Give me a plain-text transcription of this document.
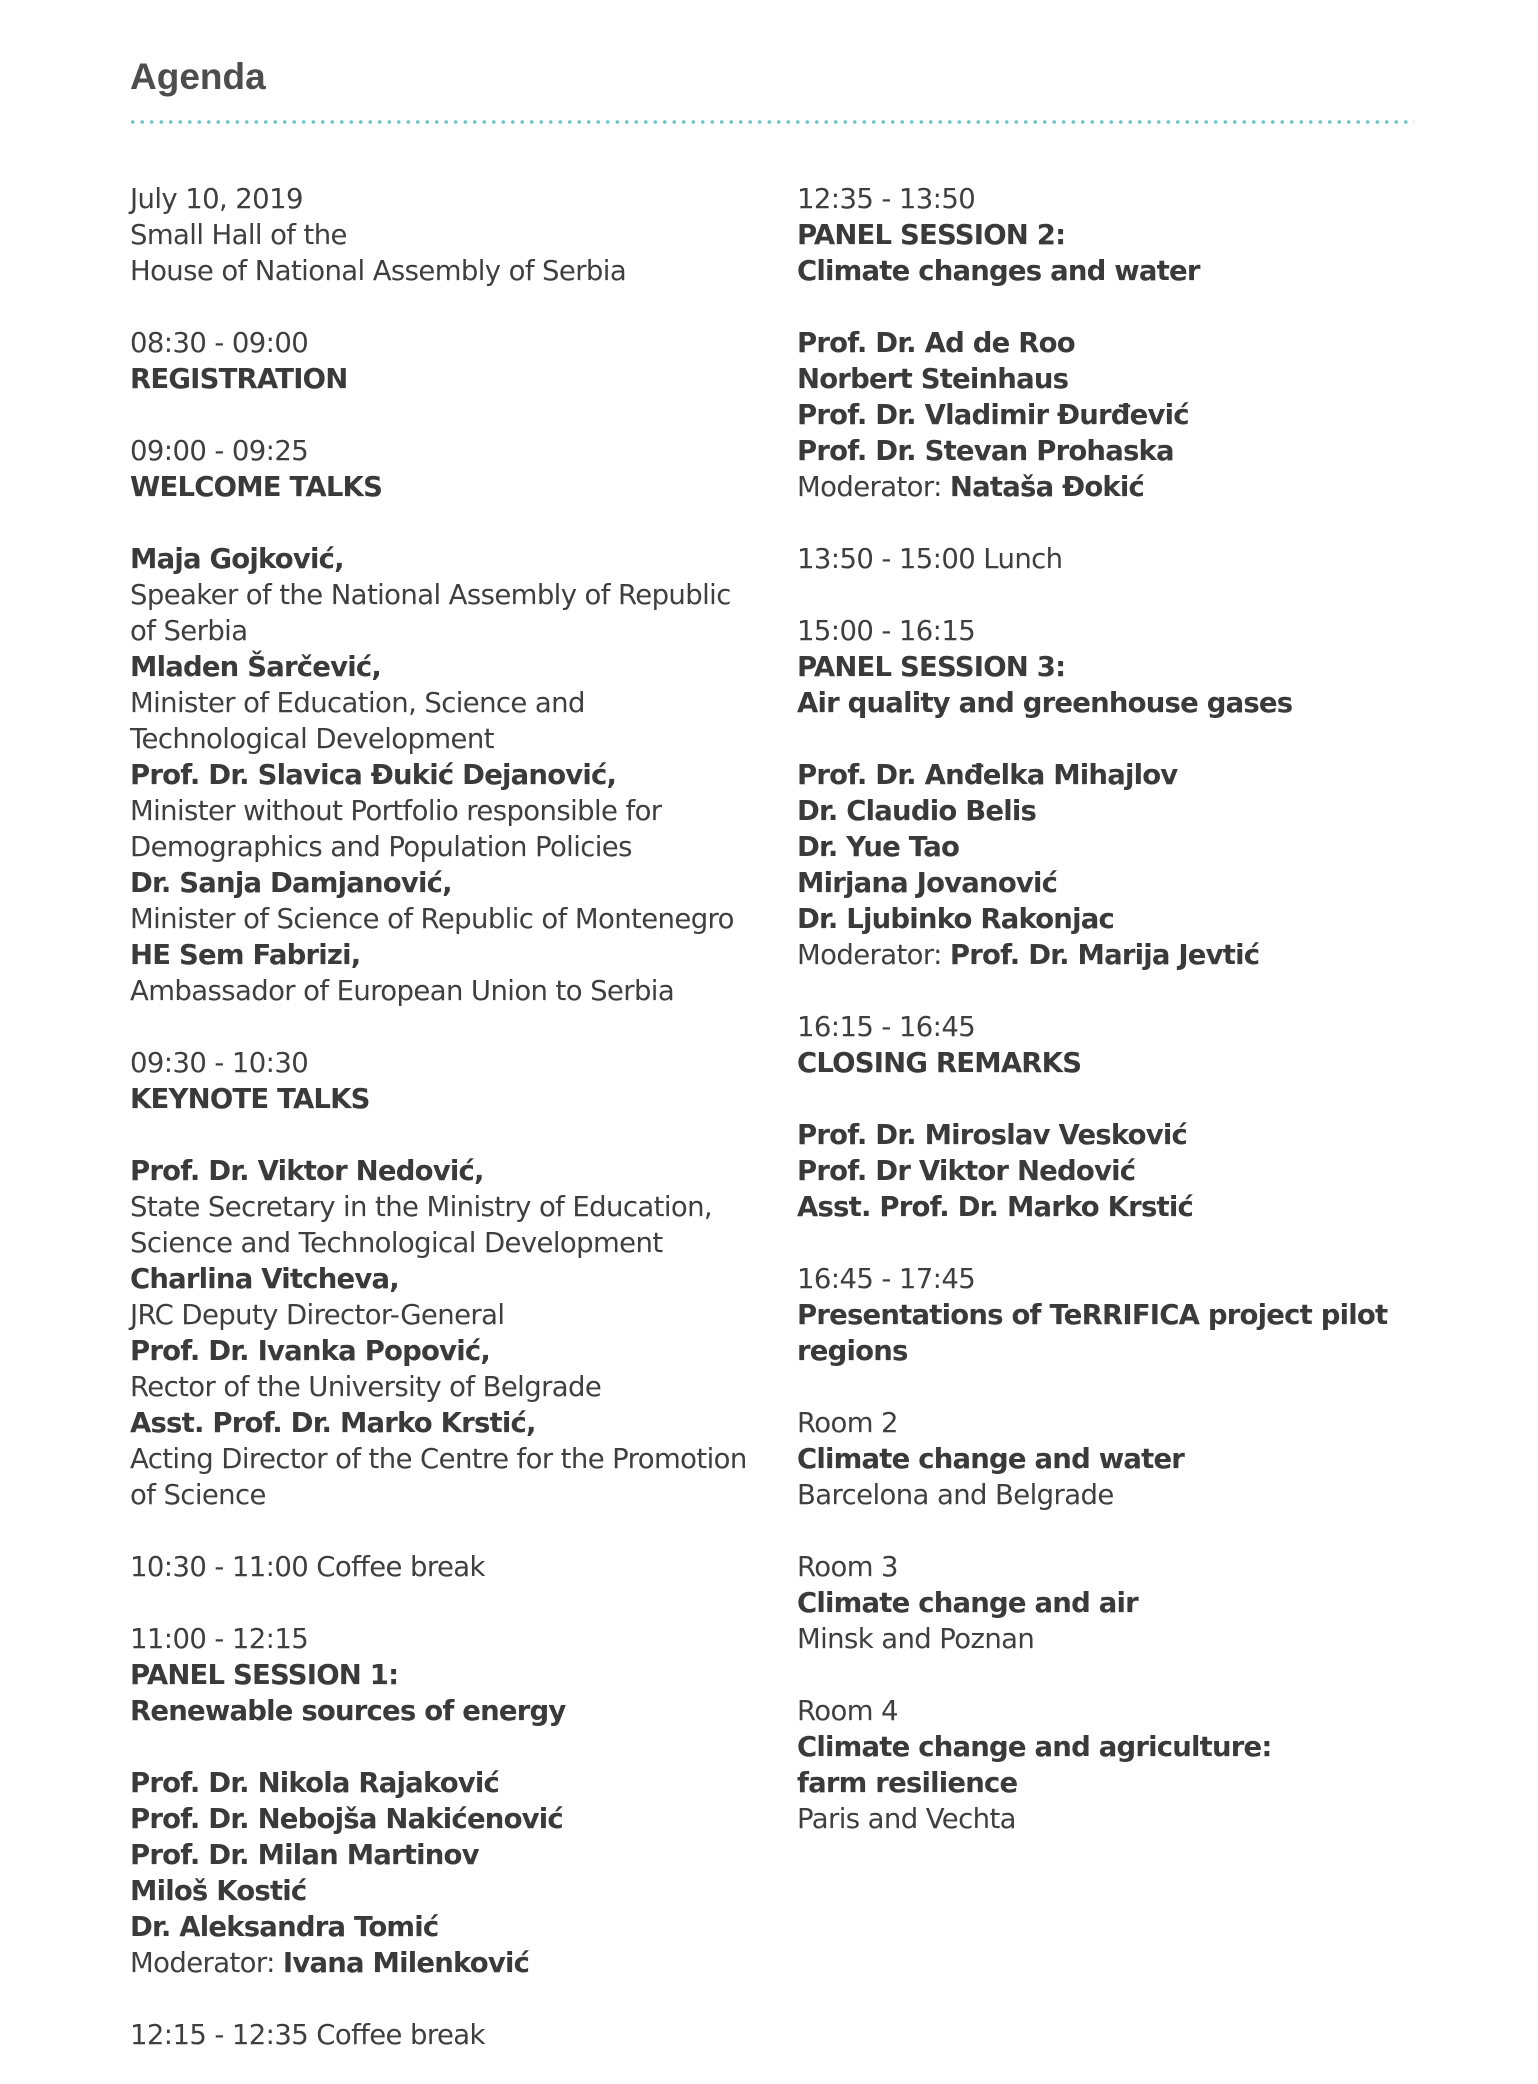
Agenda
July 10, 2019
Small Hall of the
House of National Assembly of Serbia
08:30 - 09:00
REGISTRATION
09:00 - 09:25
WELCOME TALKS
Maja Gojković,
Speaker of the National Assembly of Republic
of Serbia
Mladen Šarčević,
Minister of Education, Science and
Technological Development
Prof. Dr. Slavica Đukić Dejanović,
Minister without Portfolio responsible for
Demographics and Population Policies
Dr. Sanja Damjanović,
Minister of Science of Republic of Montenegro
HE Sem Fabrizi,
Ambassador of European Union to Serbia
09:30 - 10:30
KEYNOTE TALKS
Prof. Dr. Viktor Nedović,
State Secretary in the Ministry of Education,
Science and Technological Development
Charlina Vitcheva,
JRC Deputy Director-General
Prof. Dr. Ivanka Popović,
Rector of the University of Belgrade
Asst. Prof. Dr. Marko Krstić,
Acting Director of the Centre for the Promotion
of Science
10:30 - 11:00 Coffee break
11:00 - 12:15
PANEL SESSION 1:
Renewable sources of energy
Prof. Dr. Nikola Rajaković
Prof. Dr. Nebojša Nakićenović
Prof. Dr. Milan Martinov
Miloš Kostić
Dr. Aleksandra Tomić
Moderator: Ivana Milenković
12:15 - 12:35 Coffee break
12:35 - 13:50
PANEL SESSION 2:
Climate changes and water
Prof. Dr. Ad de Roo
Norbert Steinhaus
Prof. Dr. Vladimir Đurđević
Prof. Dr. Stevan Prohaska
Moderator: Nataša Đokić
13:50 - 15:00 Lunch
15:00 - 16:15
PANEL SESSION 3:
Air quality and greenhouse gases
Prof. Dr. Anđelka Mihajlov
Dr. Claudio Belis
Dr. Yue Tao
Mirjana Jovanović
Dr. Ljubinko Rakonjac
Moderator: Prof. Dr. Marija Jevtić
16:15 - 16:45
CLOSING REMARKS
Prof. Dr. Miroslav Vesković
Prof. Dr Viktor Nedović
Asst. Prof. Dr. Marko Krstić
16:45 - 17:45
Presentations of TeRRIFICA project pilot
regions
Room 2
Climate change and water
Barcelona and Belgrade
Room 3
Climate change and air
Minsk and Poznan
Room 4
Climate change and agriculture:
farm resilience
Paris and Vechta
